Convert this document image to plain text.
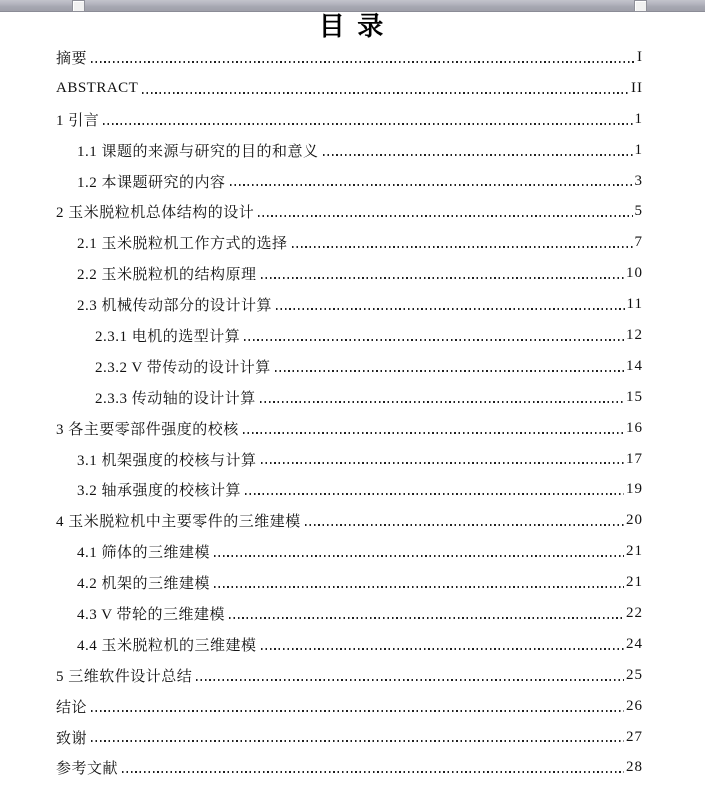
目 录
摘要	I
ABSTRACT	II
1 引言	1
1.1 课题的来源与研究的目的和意义	1
1.2 本课题研究的内容	3
2 玉米脱粒机总体结构的设计	5
2.1 玉米脱粒机工作方式的选择	7
2.2 玉米脱粒机的结构原理	10
2.3 机械传动部分的设计计算	11
2.3.1 电机的选型计算	12
2.3.2 V 带传动的设计计算	14
2.3.3 传动轴的设计计算	15
3 各主要零部件强度的校核	16
3.1 机架强度的校核与计算	17
3.2 轴承强度的校核计算	19
4 玉米脱粒机中主要零件的三维建模	20
4.1 筛体的三维建模	21
4.2 机架的三维建模	21
4.3 V 带轮的三维建模	22
4.4 玉米脱粒机的三维建模	24
5 三维软件设计总结	25
结论	26
致谢	27
参考文献	28
